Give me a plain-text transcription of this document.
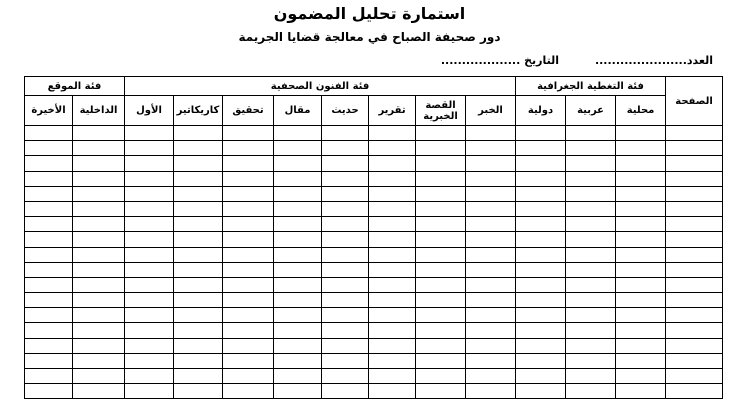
استمارة تحليل المضمون
دور صحيفة الصباح في معالجة قضايا الجريمة
العدد......................
التاريخ ...................
الصفحة	فئة التغطية الجغرافية			فئة الفنون الصحفية								فئة الموقع	
	محلية	عربية	دولية	الخبر	القصة الخبرية	تقرير	حديث	مقال	تحقيق	كاريكاتير	الأول	الداخلية	الأخيرة
